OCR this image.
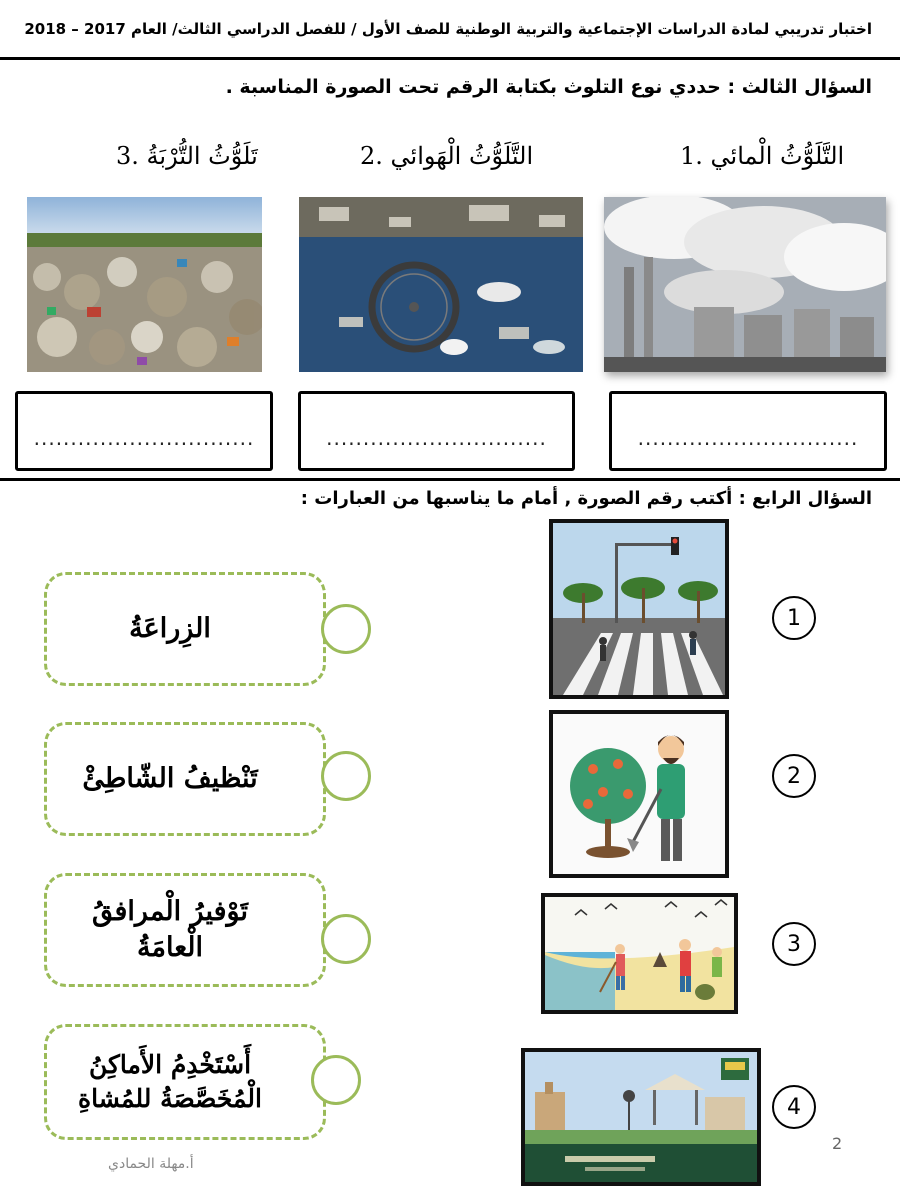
اختبار تدريبي لمادة الدراسات الإجتماعية والتربية الوطنية للصف الأول / للفصل الدراسي الثالث/ العام 2017 – 2018
السؤال الثالث : حددي نوع التلوث بكتابة الرقم تحت الصورة المناسبة .
1. التَّلَوُّثُ الْمائي
2. التَّلَوُّثُ الْهَوائي
3. تَلَوُّثُ التُّرْبَةُ
..............................	..............................	..............................
السؤال الرابع : أكتب رقم الصورة , أمام ما يناسبها من العبارات :
الزِراعَةُ
تَنْظيفُ الشّاطِئْ
تَوْفيرُ الْمرافقُ الْعامَةُ
أَسْتَخْدِمُ الأَماكِنُ الْمُخَصَّصَةُ للمُشاةِ
1
2
3
4
2
أ.مهلة الحمادي
